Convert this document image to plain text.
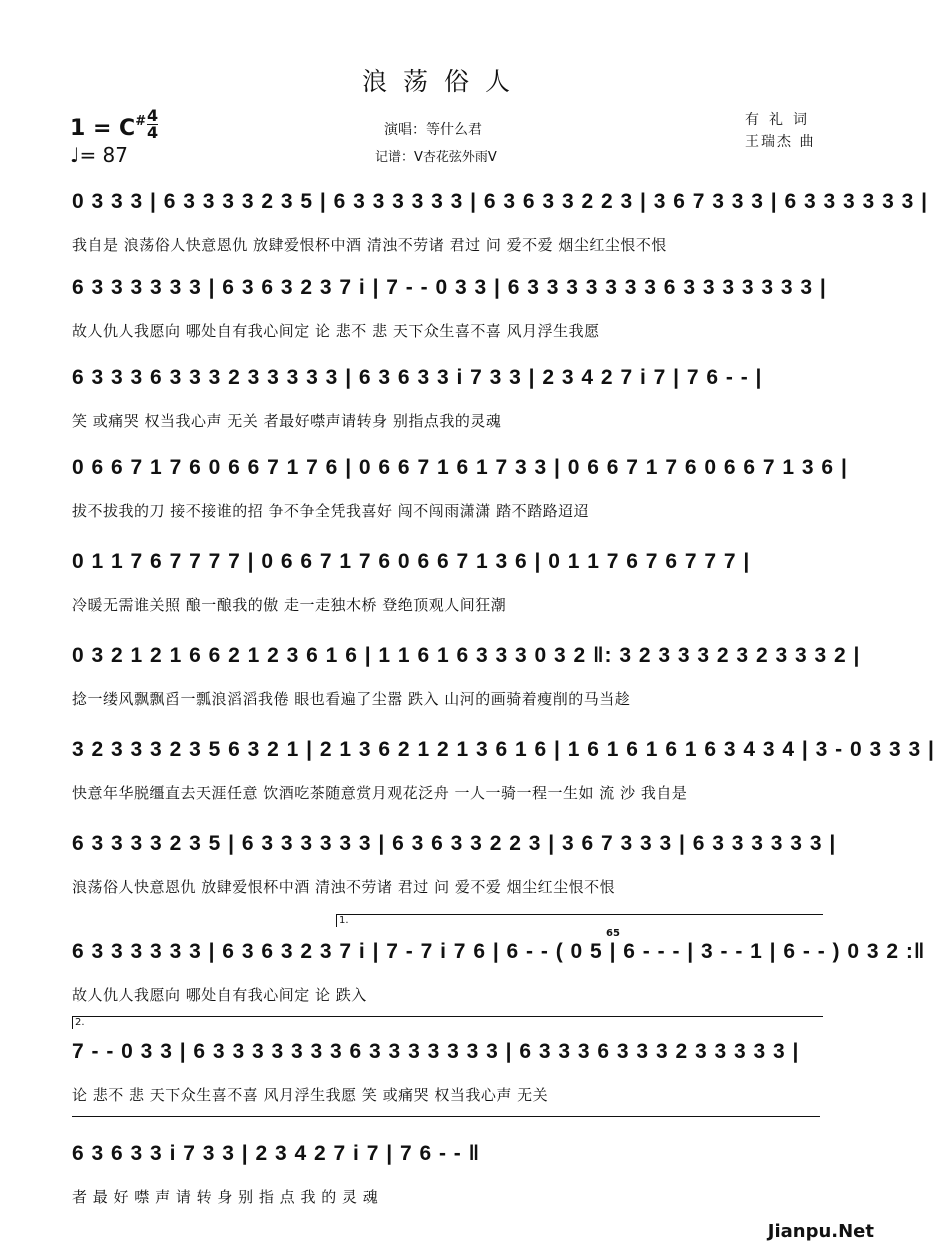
浪荡俗人
1 = C# 4
4
♩= 87
演唱：等什么君
记谱：V杏花弦外雨V
有礼词
王瑞杰 曲
0 3 3 3 | 6 3 3 3 3 2 3 5 | 6 3 3 3 3 3 3 | 6 3 6 3 3 2 2 3 | 3 6 7 3 3 3 | 6 3 3 3 3 3 3 |
我自是 浪荡俗人快意恩仇 放肆爱恨杯中酒 清浊不劳诸 君过 问 爱不爱 烟尘红尘恨不恨
6 3 3 3 3 3 3 | 6 3 6 3 2 3 7 i | 7 - - 0 3 3 | 6 3 3 3 3 3 3 3 6 3 3 3 3 3 3 3 |
故人仇人我愿向 哪处自有我心间定 论 悲不 悲 天下众生喜不喜 风月浮生我愿
6 3 3 3 6 3 3 3 2 3 3 3 3 3 | 6 3 6 3 3 i 7 3 3 | 2 3 4 2 7 i 7 | 7 6 - - |
笑 或痛哭 权当我心声 无关 者最好噤声请转身 别指点我的灵魂
0 6 6 7 1 7 6 0 6 6 7 1 7 6 | 0 6 6 7 1 6 1 7 3 3 | 0 6 6 7 1 7 6 0 6 6 7 1 3 6 |
拔不拔我的刀 接不接谁的招 争不争全凭我喜好 闯不闯雨潇潇 踏不踏路迢迢
0 1 1 7 6 7 7 7 7 | 0 6 6 7 1 7 6 0 6 6 7 1 3 6 | 0 1 1 7 6 7 6 7 7 7 |
冷暖无需谁关照 酿一酿我的傲 走一走独木桥 登绝顶观人间狂潮
0 3 2 1 2 1 6 6 2 1 2 3 6 1 6 | 1 1 6 1 6 3 3 3 0 3 2 ‖: 3 2 3 3 3 2 3 2 3 3 3 2 |
捻一缕风飘飘舀一瓢浪滔滔我倦 眼也看遍了尘嚣 跌入 山河的画骑着瘦削的马当趁
3 2 3 3 3 2 3 5 6 3 2 1 | 2 1 3 6 2 1 2 1 3 6 1 6 | 1 6 1 6 1 6 1 6 3 4 3 4 | 3 - 0 3 3 3 |
快意年华脱缰直去天涯任意 饮酒吃茶随意赏月观花泛舟 一人一骑一程一生如 流 沙 我自是
6 3 3 3 3 2 3 5 | 6 3 3 3 3 3 3 | 6 3 6 3 3 2 2 3 | 3 6 7 3 3 3 | 6 3 3 3 3 3 3 |
浪荡俗人快意恩仇 放肆爱恨杯中酒 清浊不劳诸 君过 问 爱不爱 烟尘红尘恨不恨
1.
65
6 3 3 3 3 3 3 | 6 3 6 3 2 3 7 i | 7 - 7 i 7 6 | 6 - - ( 0 5 | 6 - - - | 3 - - 1 | 6 - - ) 0 3 2 :‖
故人仇人我愿向 哪处自有我心间定 论 跌入
2.
7 - - 0 3 3 | 6 3 3 3 3 3 3 3 6 3 3 3 3 3 3 3 | 6 3 3 3 6 3 3 3 2 3 3 3 3 3 |
论 悲不 悲 天下众生喜不喜 风月浮生我愿 笑 或痛哭 权当我心声 无关
6 3 6 3 3 i 7 3 3 | 2 3 4 2 7 i 7 | 7 6 - - ‖
者 最 好 噤 声 请 转 身 别 指 点 我 的 灵 魂
Jianpu.Net
